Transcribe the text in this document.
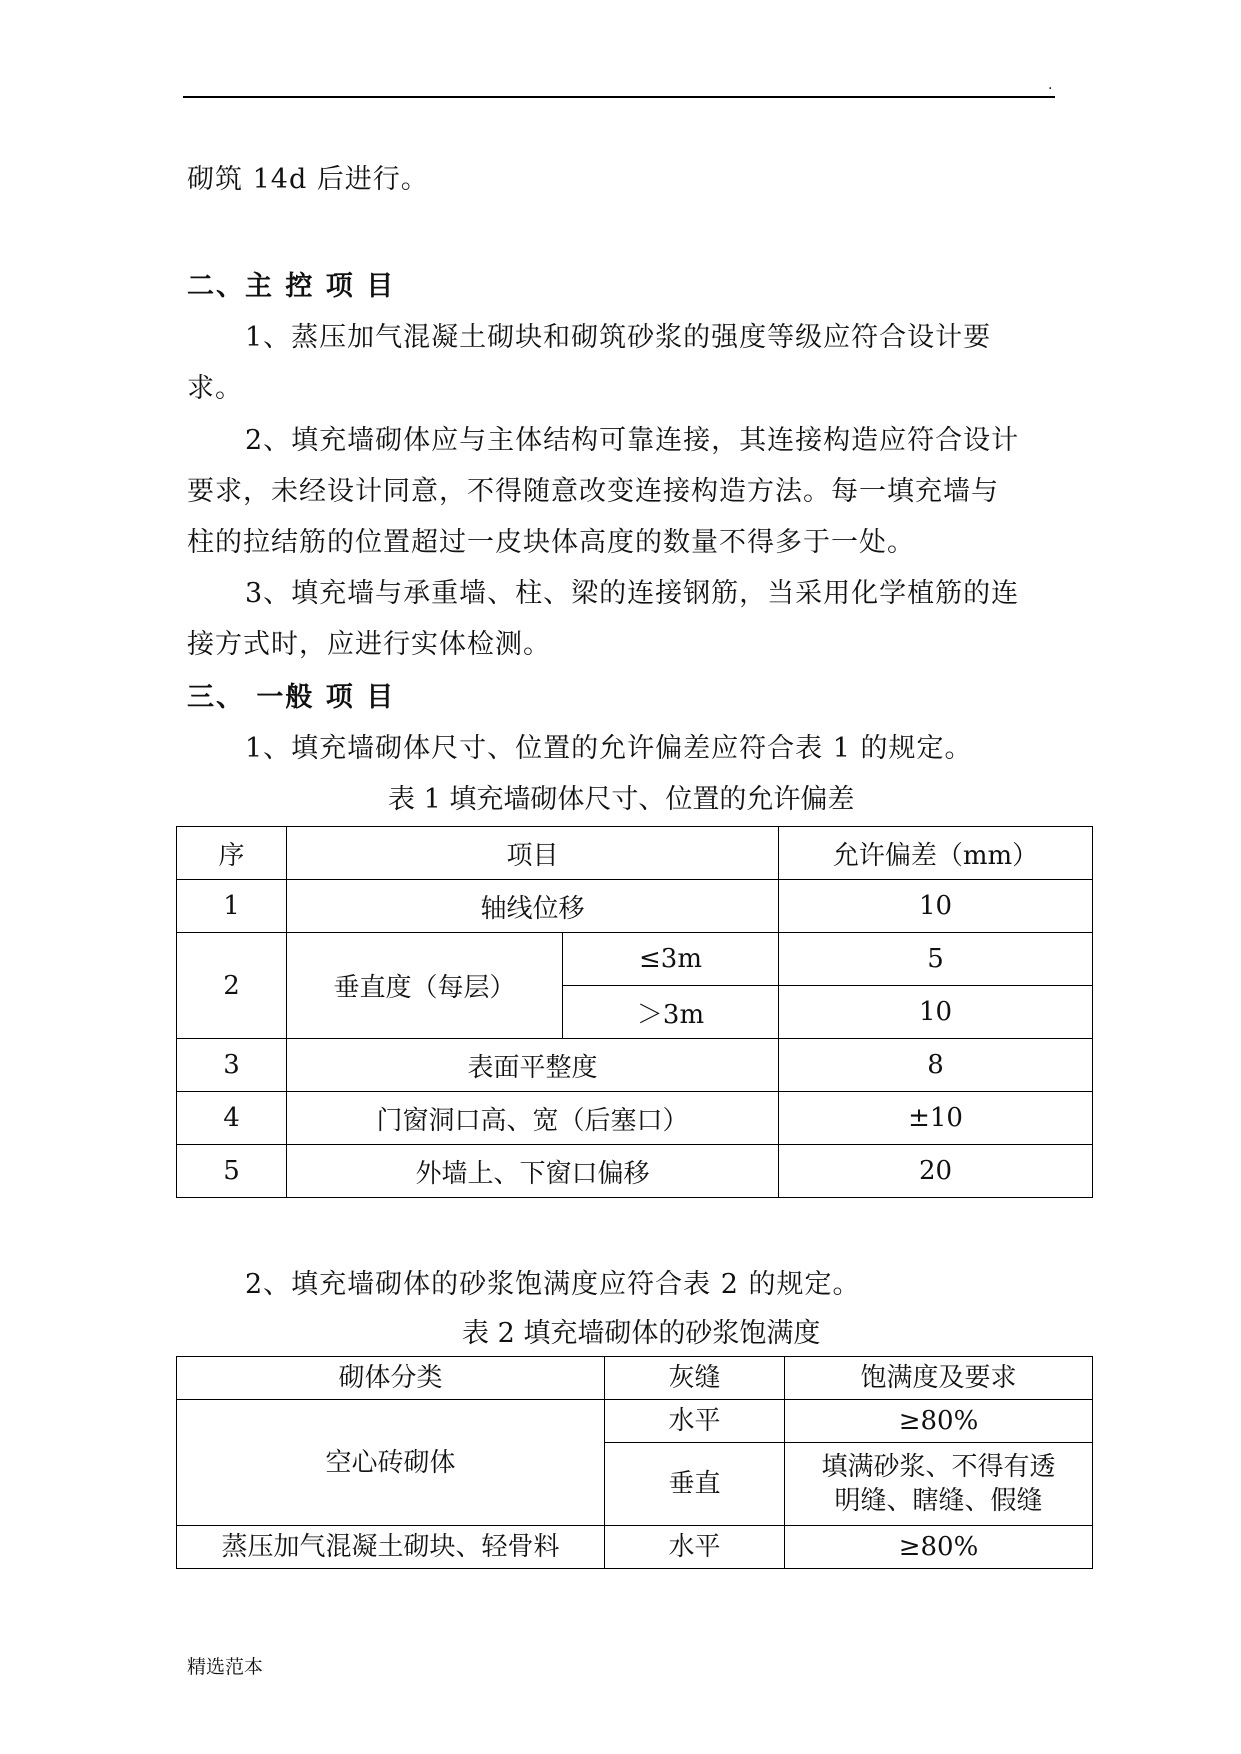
.
砌筑 14d 后进行。
二、主 控 项 目
1、蒸压加气混凝土砌块和砌筑砂浆的强度等级应符合设计要
求。
2、填充墙砌体应与主体结构可靠连接，其连接构造应符合设计
要求，未经设计同意，不得随意改变连接构造方法。每一填充墙与
柱的拉结筋的位置超过一皮块体高度的数量不得多于一处。
3、填充墙与承重墙、柱、梁的连接钢筋，当采用化学植筋的连
接方式时，应进行实体检测。
三、 一般 项 目
1、填充墙砌体尺寸、位置的允许偏差应符合表 1 的规定。
表 1 填充墙砌体尺寸、位置的允许偏差
序	项目		允许偏差（mm）
1	轴线位移		10
2	垂直度（每层）	≤3m	5
		＞3m	10
3	表面平整度		8
4	门窗洞口高、宽（后塞口）		±10
5	外墙上、下窗口偏移		20
2、填充墙砌体的砂浆饱满度应符合表 2 的规定。
表 2 填充墙砌体的砂浆饱满度
砌体分类	灰缝	饱满度及要求
空心砖砌体	水平	≥80%
	垂直	填满砂浆、不得有透
明缝、瞎缝、假缝

蒸压加气混凝土砌块、轻骨料	水平	≥80%
精选范本
